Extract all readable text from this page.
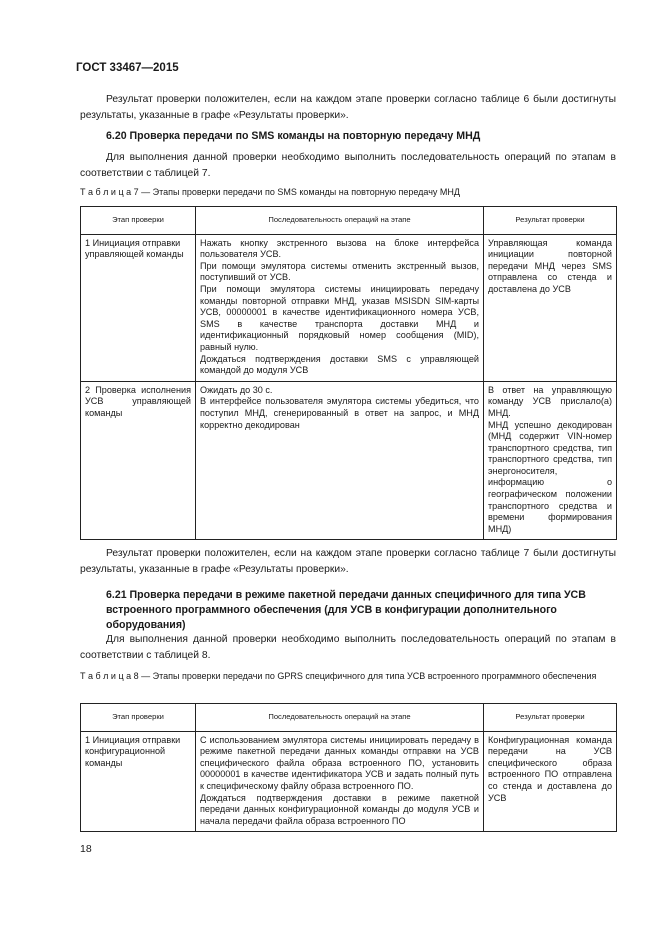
ГОСТ 33467—2015
Результат проверки положителен, если на каждом этапе проверки согласно таблице 6 были достигнуты результаты, указанные в графе «Результаты проверки».
6.20 Проверка передачи по SMS команды на повторную передачу МНД
Для выполнения данной проверки необходимо выполнить последовательность операций по этапам в соответствии с таблицей 7.
Т а б л и ц а 7 — Этапы проверки передачи по SMS команды на повторную передачу МНД
Этап проверки	Последовательность операций на этапе	Результат проверки
1 Инициация отправки управляющей команды	Нажать кнопку экстренного вызова на блоке интерфейса пользователя УСВ.
При помощи эмулятора системы отменить экстренный вызов, поступивший от УСВ.
При помощи эмулятора системы инициировать передачу команды повторной отправки МНД, указав MSISDN SIM-карты УСВ, 00000001 в качестве идентификационного номера УСВ, SMS в качестве транспорта доставки МНД и идентификационный порядковый номер сообщения (MID), равный нулю.
Дождаться подтверждения доставки SMS с управляющей командой до модуля УСВ	Управляющая команда инициации повторной передачи МНД через SMS отправлена со стенда и доставлена до УСВ
2 Проверка исполнения УСВ управляющей команды	Ожидать до 30 с.
В интерфейсе пользователя эмулятора системы убедиться, что поступил МНД, сгенерированный в ответ на запрос, и МНД корректно декодирован	В ответ на управляющую команду УСВ прислало(а) МНД.
МНД успешно декодирован (МНД содержит VIN-номер транспортного средства, тип транспортного средства, тип энергоносителя, информацию о географическом положении транспортного средства и времени формирования МНД)
Результат проверки положителен, если на каждом этапе проверки согласно таблице 7 были достигнуты результаты, указанные в графе «Результаты проверки».
6.21 Проверка передачи в режиме пакетной передачи данных специфичного для типа УСВ встроенного программного обеспечения (для УСВ в конфигурации дополнительного оборудования)
Для выполнения данной проверки необходимо выполнить последовательность операций по этапам в соответствии с таблицей 8.
Т а б л и ц а 8 — Этапы проверки передачи по GPRS специфичного для типа УСВ встроенного программного обеспечения
Этап проверки	Последовательность операций на этапе	Результат проверки
1 Инициация отправки конфигурационной команды	С использованием эмулятора системы инициировать передачу в режиме пакетной передачи данных команды отправки на УСВ специфического файла образа встроенного ПО, установить 00000001 в качестве идентификатора УСВ и задать полный путь к специфическому файлу образа встроенного ПО.
Дождаться подтверждения доставки в режиме пакетной передачи данных конфигурационной команды до модуля УСВ и начала передачи файла образа встроенного ПО	Конфигурационная команда передачи на УСВ специфического образа встроенного ПО отправлена со стенда и доставлена до УСВ
18
